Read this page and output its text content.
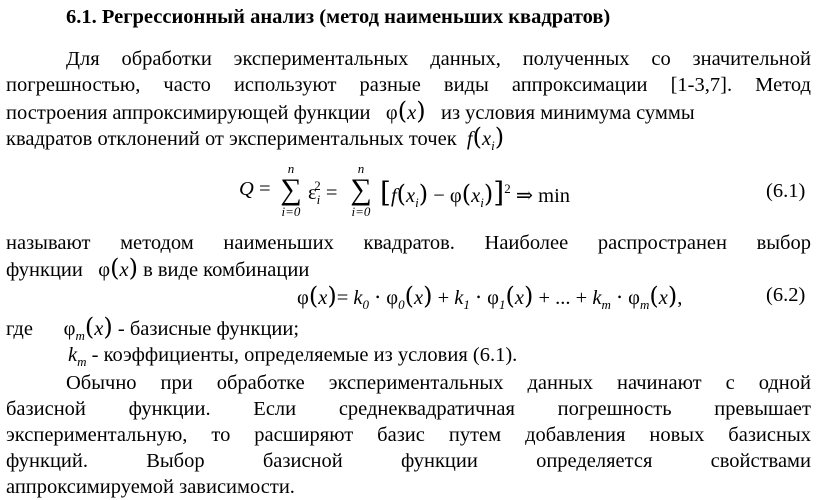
6.1. Регрессионный анализ (метод наименьших квадратов)
Для обработки экспериментальных данных, полученных со значительной
погрешностью, часто используют разные виды аппроксимации [1-3,7]. Метод
построения аппроксимирующей функции φ(x) из условия минимума суммы
квадратов отклонений от экспериментальных точек $f(x_i)$
Q =
n
∑
i=0
$\varepsilon_i^2$ =
n
∑
i=0
$[f(x_i) - \varphi(x_i)]^2$ ⇒ min	(6.1)
называют методом наименьших квадратов. Наиболее распространен выбор
функции φ(x) в виде комбинации
$\varphi(x)= k_0 \cdot \varphi_0(x) + k_1 \cdot \varphi_1(x)$ + ... + $k_m \cdot \varphi_m(x)$,	(6.2)
где $\varphi_m(x)$ - базисные функции;
$k_m$ - коэффициенты, определяемые из условия (6.1).
Обычно при обработке экспериментальных данных начинают с одной
базисной функции. Если среднеквадратичная погрешность превышает
экспериментальную, то расширяют базис путем добавления новых базисных
функций. Выбор базисной функции определяется свойствами
аппроксимируемой зависимости.
